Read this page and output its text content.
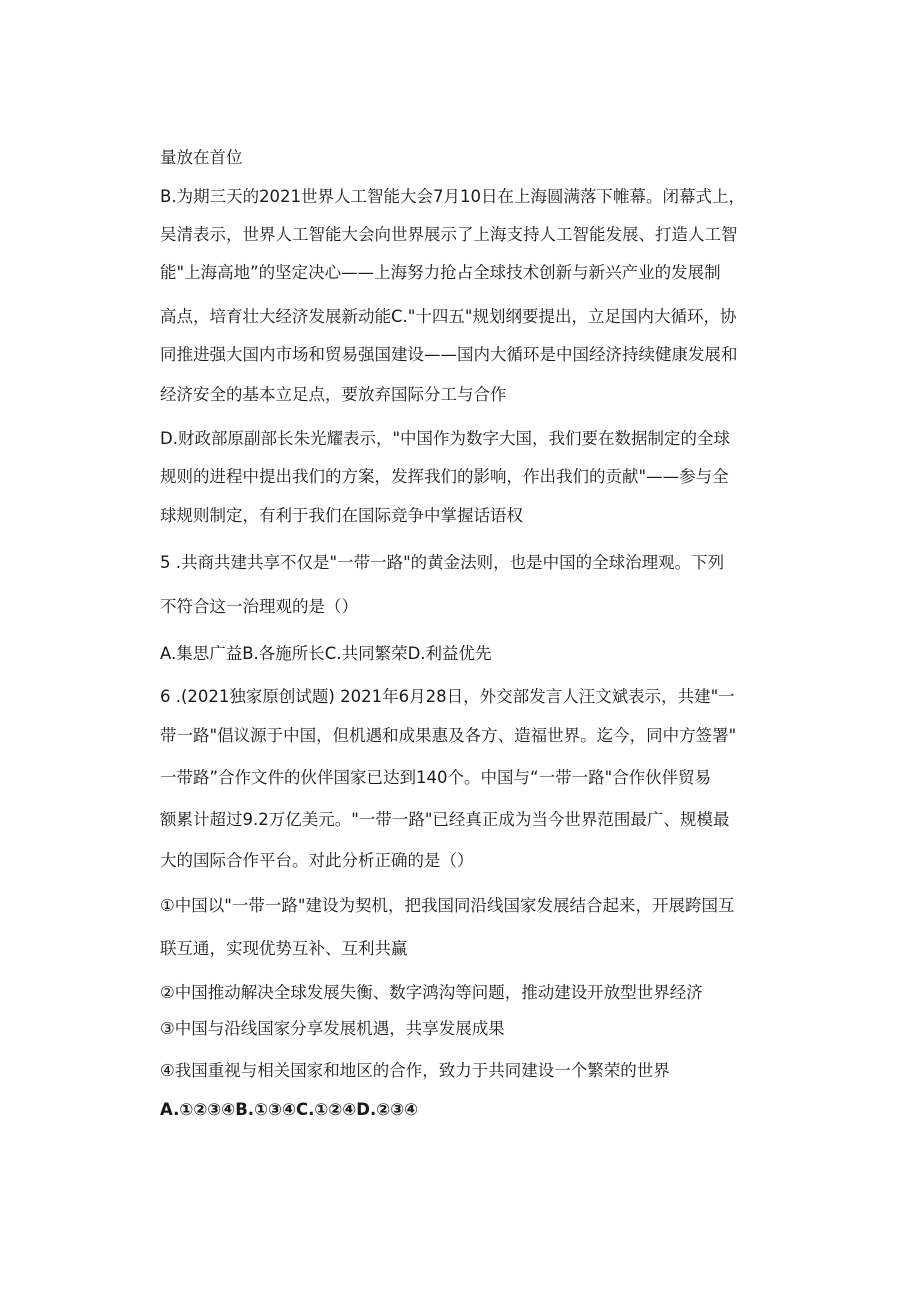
量放在首位
B.为期三天的2021世界人工智能大会7月10日在上海圆满落下帷幕。闭幕式上，
吴清表示，世界人工智能大会向世界展示了上海支持人工智能发展、打造人工智
能"上海高地”的坚定决心——上海努力抢占全球技术创新与新兴产业的发展制
高点，培育壮大经济发展新动能C."十四五"规划纲要提出，立足国内大循环，协
同推进强大国内市场和贸易强国建设——国内大循环是中国经济持续健康发展和
经济安全的基本立足点，要放弃国际分工与合作
D.财政部原副部长朱光耀表示，"中国作为数字大国，我们要在数据制定的全球
规则的进程中提出我们的方案，发挥我们的影响，作出我们的贡献"——参与全
球规则制定，有利于我们在国际竞争中掌握话语权
5 .共商共建共享不仅是"一带一路"的黄金法则，也是中国的全球治理观。下列
不符合这一治理观的是（）
A.集思广益B.各施所长C.共同繁荣D.利益优先
6 .(2021独家原创试题) 2021年6月28日，外交部发言人汪文斌表示，共建"一
带一路"倡议源于中国，但机遇和成果惠及各方、造福世界。迄今，同中方签署"
一带路”合作文件的伙伴国家已达到140个。中国与“一带一路"合作伙伴贸易
额累计超过9.2万亿美元。"一带一路"已经真正成为当今世界范围最广、规模最
大的国际合作平台。对此分析正确的是（）
①中国以"一带一路"建设为契机，把我国同沿线国家发展结合起来，开展跨国互
联互通，实现优势互补、互利共赢
②中国推动解决全球发展失衡、数字鸿沟等问题，推动建设开放型世界经济
③中国与沿线国家分享发展机遇，共享发展成果
④我国重视与相关国家和地区的合作，致力于共同建设一个繁荣的世界
A.①②③④B.①③④C.①②④D.②③④
